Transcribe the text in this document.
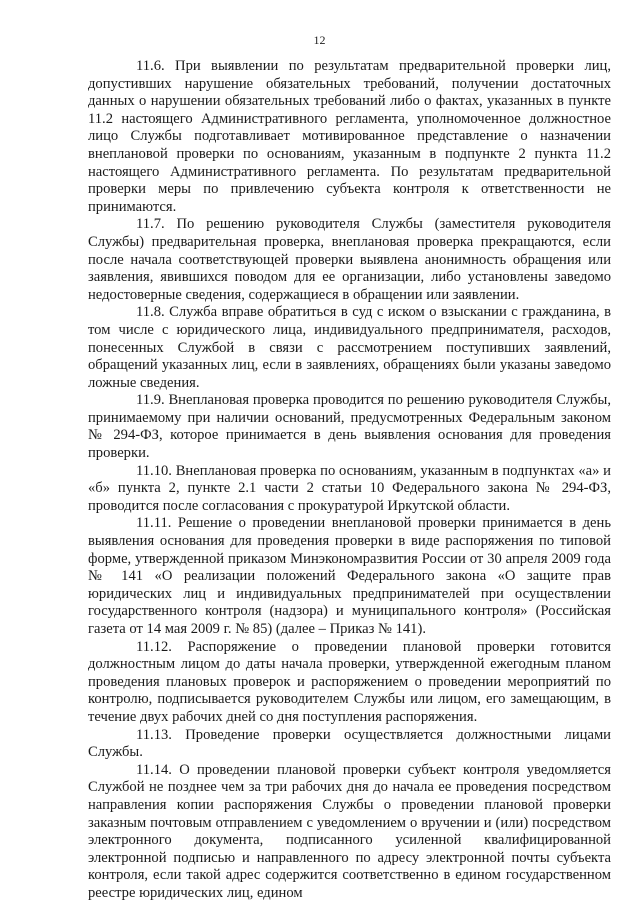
12

11.6. При выявлении по результатам предварительной проверки лиц, допустивших нарушение обязательных требований, получении достаточных данных о нарушении обязательных требований либо о фактах, указанных в пункте 11.2 настоящего Административного регламента, уполномоченное должностное лицо Службы подготавливает мотивированное представление о назначении внеплановой проверки по основаниям, указанным в подпункте 2 пункта 11.2 настоящего Административного регламента. По результатам предварительной проверки меры по привлечению субъекта контроля к ответственности не принимаются.

11.7. По решению руководителя Службы (заместителя руководителя Службы) предварительная проверка, внеплановая проверка прекращаются, если после начала соответствующей проверки выявлена анонимность обращения или заявления, явившихся поводом для ее организации, либо установлены заведомо недостоверные сведения, содержащиеся в обращении или заявлении.

11.8. Служба вправе обратиться в суд с иском о взыскании с гражданина, в том числе с юридического лица, индивидуального предпринимателя, расходов, понесенных Службой в связи с рассмотрением поступивших заявлений, обращений указанных лиц, если в заявлениях, обращениях были указаны заведомо ложные сведения.

11.9. Внеплановая проверка проводится по решению руководителя Службы, принимаемому при наличии оснований, предусмотренных Федеральным законом № 294-ФЗ, которое принимается в день выявления основания для проведения проверки.

11.10. Внеплановая проверка по основаниям, указанным в подпунктах «а» и «б» пункта 2, пункте 2.1 части 2 статьи 10 Федерального закона № 294-ФЗ, проводится после согласования с прокуратурой Иркутской области.

11.11. Решение о проведении внеплановой проверки принимается в день выявления основания для проведения проверки в виде распоряжения по типовой форме, утвержденной приказом Минэкономразвития России от 30 апреля 2009 года № 141 «О реализации положений Федерального закона «О защите прав юридических лиц и индивидуальных предпринимателей при осуществлении государственного контроля (надзора) и муниципального контроля» (Российская газета от 14 мая 2009 г. № 85) (далее – Приказ № 141).

11.12. Распоряжение о проведении плановой проверки готовится должностным лицом до даты начала проверки, утвержденной ежегодным планом проведения плановых проверок и распоряжением о проведении мероприятий по контролю, подписывается руководителем Службы или лицом, его замещающим, в течение двух рабочих дней со дня поступления распоряжения.

11.13. Проведение проверки осуществляется должностными лицами Службы.

11.14. О проведении плановой проверки субъект контроля уведомляется Службой не позднее чем за три рабочих дня до начала ее проведения посредством направления копии распоряжения Службы о проведении плановой проверки заказным почтовым отправлением с уведомлением о вручении и (или) посредством электронного документа, подписанного усиленной квалифицированной электронной подписью и направленного по адресу электронной почты субъекта контроля, если такой адрес содержится соответственно в едином государственном реестре юридических лиц, едином
